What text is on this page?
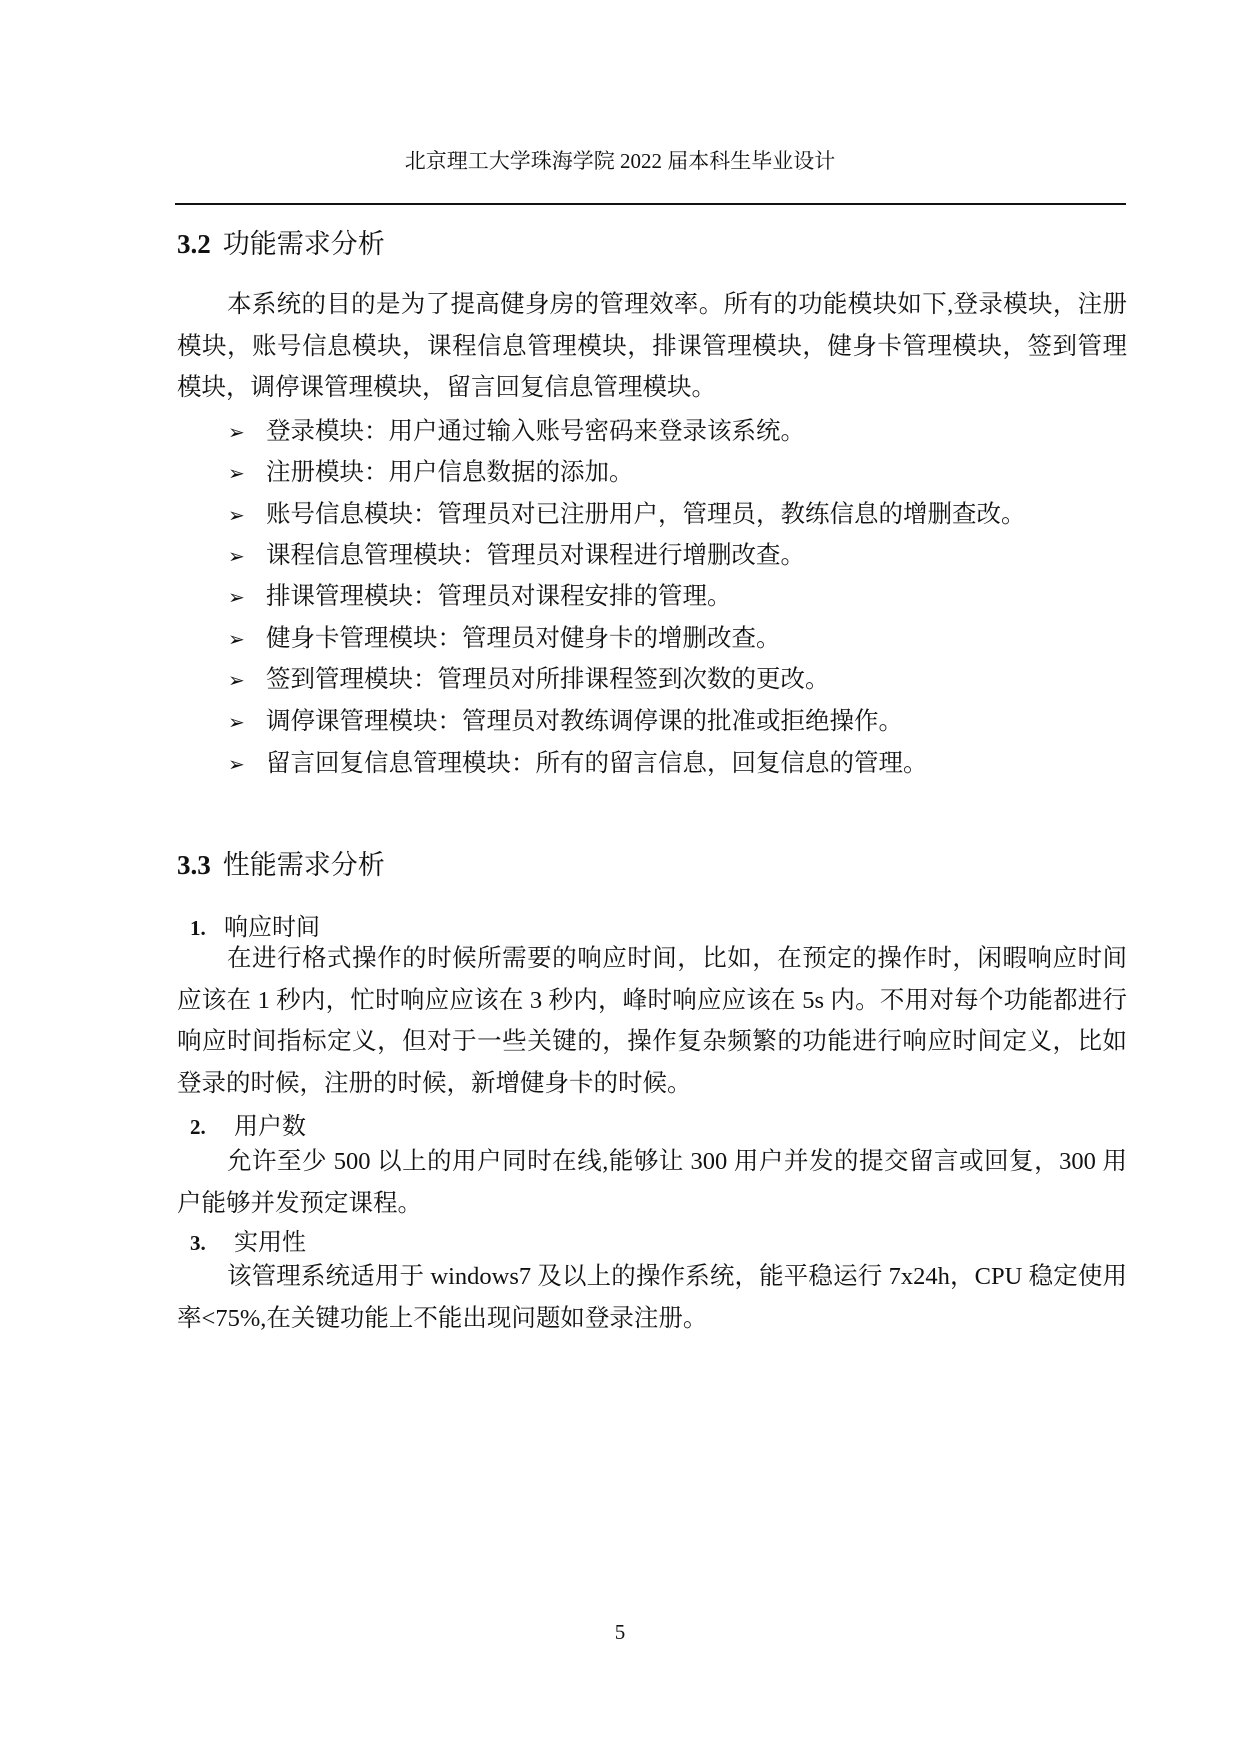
北京理工大学珠海学院 2022 届本科生毕业设计
3.2 功能需求分析
本系统的目的是为了提高健身房的管理效率。所有的功能模块如下,登录模块，注册模块，账号信息模块，课程信息管理模块，排课管理模块，健身卡管理模块，签到管理模块，调停课管理模块，留言回复信息管理模块。
➢ 登录模块：用户通过输入账号密码来登录该系统。
➢ 注册模块：用户信息数据的添加。
➢ 账号信息模块：管理员对已注册用户，管理员，教练信息的增删查改。
➢ 课程信息管理模块：管理员对课程进行增删改查。
➢ 排课管理模块：管理员对课程安排的管理。
➢ 健身卡管理模块：管理员对健身卡的增删改查。
➢ 签到管理模块：管理员对所排课程签到次数的更改。
➢ 调停课管理模块：管理员对教练调停课的批准或拒绝操作。
➢ 留言回复信息管理模块：所有的留言信息，回复信息的管理。
3.3 性能需求分析
1. 响应时间
在进行格式操作的时候所需要的响应时间，比如，在预定的操作时，闲暇响应时间应该在 1 秒内，忙时响应应该在 3 秒内，峰时响应应该在 5s 内。不用对每个功能都进行响应时间指标定义，但对于一些关键的，操作复杂频繁的功能进行响应时间定义，比如登录的时候，注册的时候，新增健身卡的时候。
2. 用户数
允许至少 500 以上的用户同时在线,能够让 300 用户并发的提交留言或回复，300 用户能够并发预定课程。
3. 实用性
该管理系统适用于 windows7 及以上的操作系统，能平稳运行 7x24h，CPU 稳定使用率<75%,在关键功能上不能出现问题如登录注册。
5
